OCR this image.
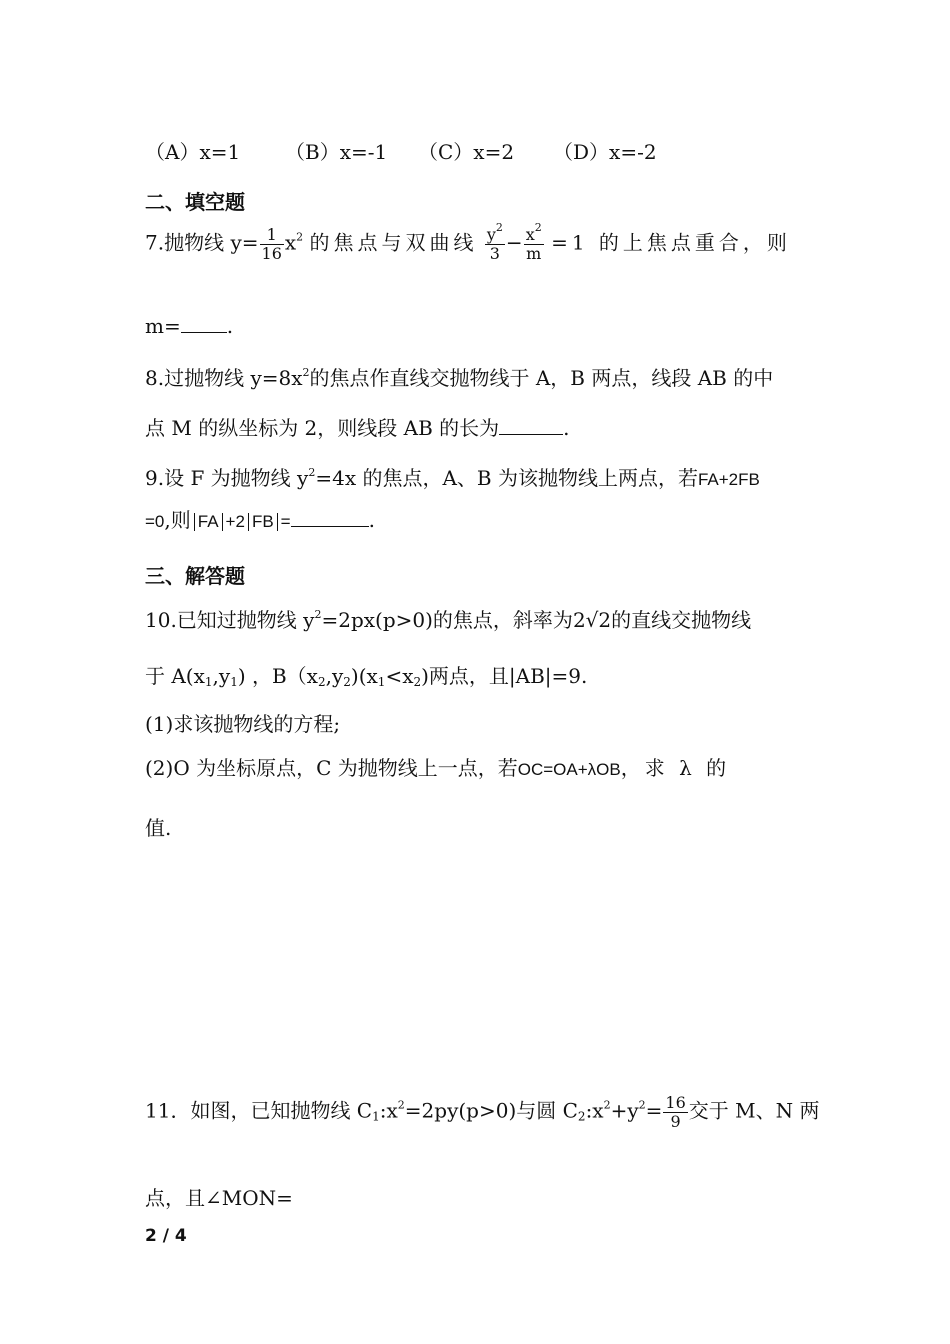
（A）x=1 （B）x=-1 （C）x=2 （D）x=-2
二、填空题
7.抛物线 $y= \frac{1}{16} x^2$ 的焦点与双曲线 $\frac{y^2}{3} - \frac{x^2}{m} =1$ 的上焦点重合，则
m= .
8.过抛物线 $y=8x^2$的焦点作直线交抛物线于 A，B 两点，线段 AB 的中
点 M 的纵坐标为 2，则线段 AB 的长为	.
9.设 F 为抛物线 $y^2=4x$ 的焦点，A、B 为该抛物线上两点，若FA+2FB
=0,则 FA +2 FB =	.
三、解答题
10.已知过抛物线 $y^2=2px(p>0)$的焦点，斜率为2√2的直线交抛物线
于 $A(x_1,y_1)$ ，$B(x_2,y_2)(x_1<x_2)$两点，且|AB|=9.
(1)求该抛物线的方程;
(2)O 为坐标原点，C 为抛物线上一点，若OC=OA+λOB，求 λ 的
值.
11．如图，已知抛物线 $C_1:x^2=2py(p>0)$与圆 $C_2:x^2+y^2= \frac{16}{9}$ 交于 M、N 两
点，且∠MON=
2 / 4
